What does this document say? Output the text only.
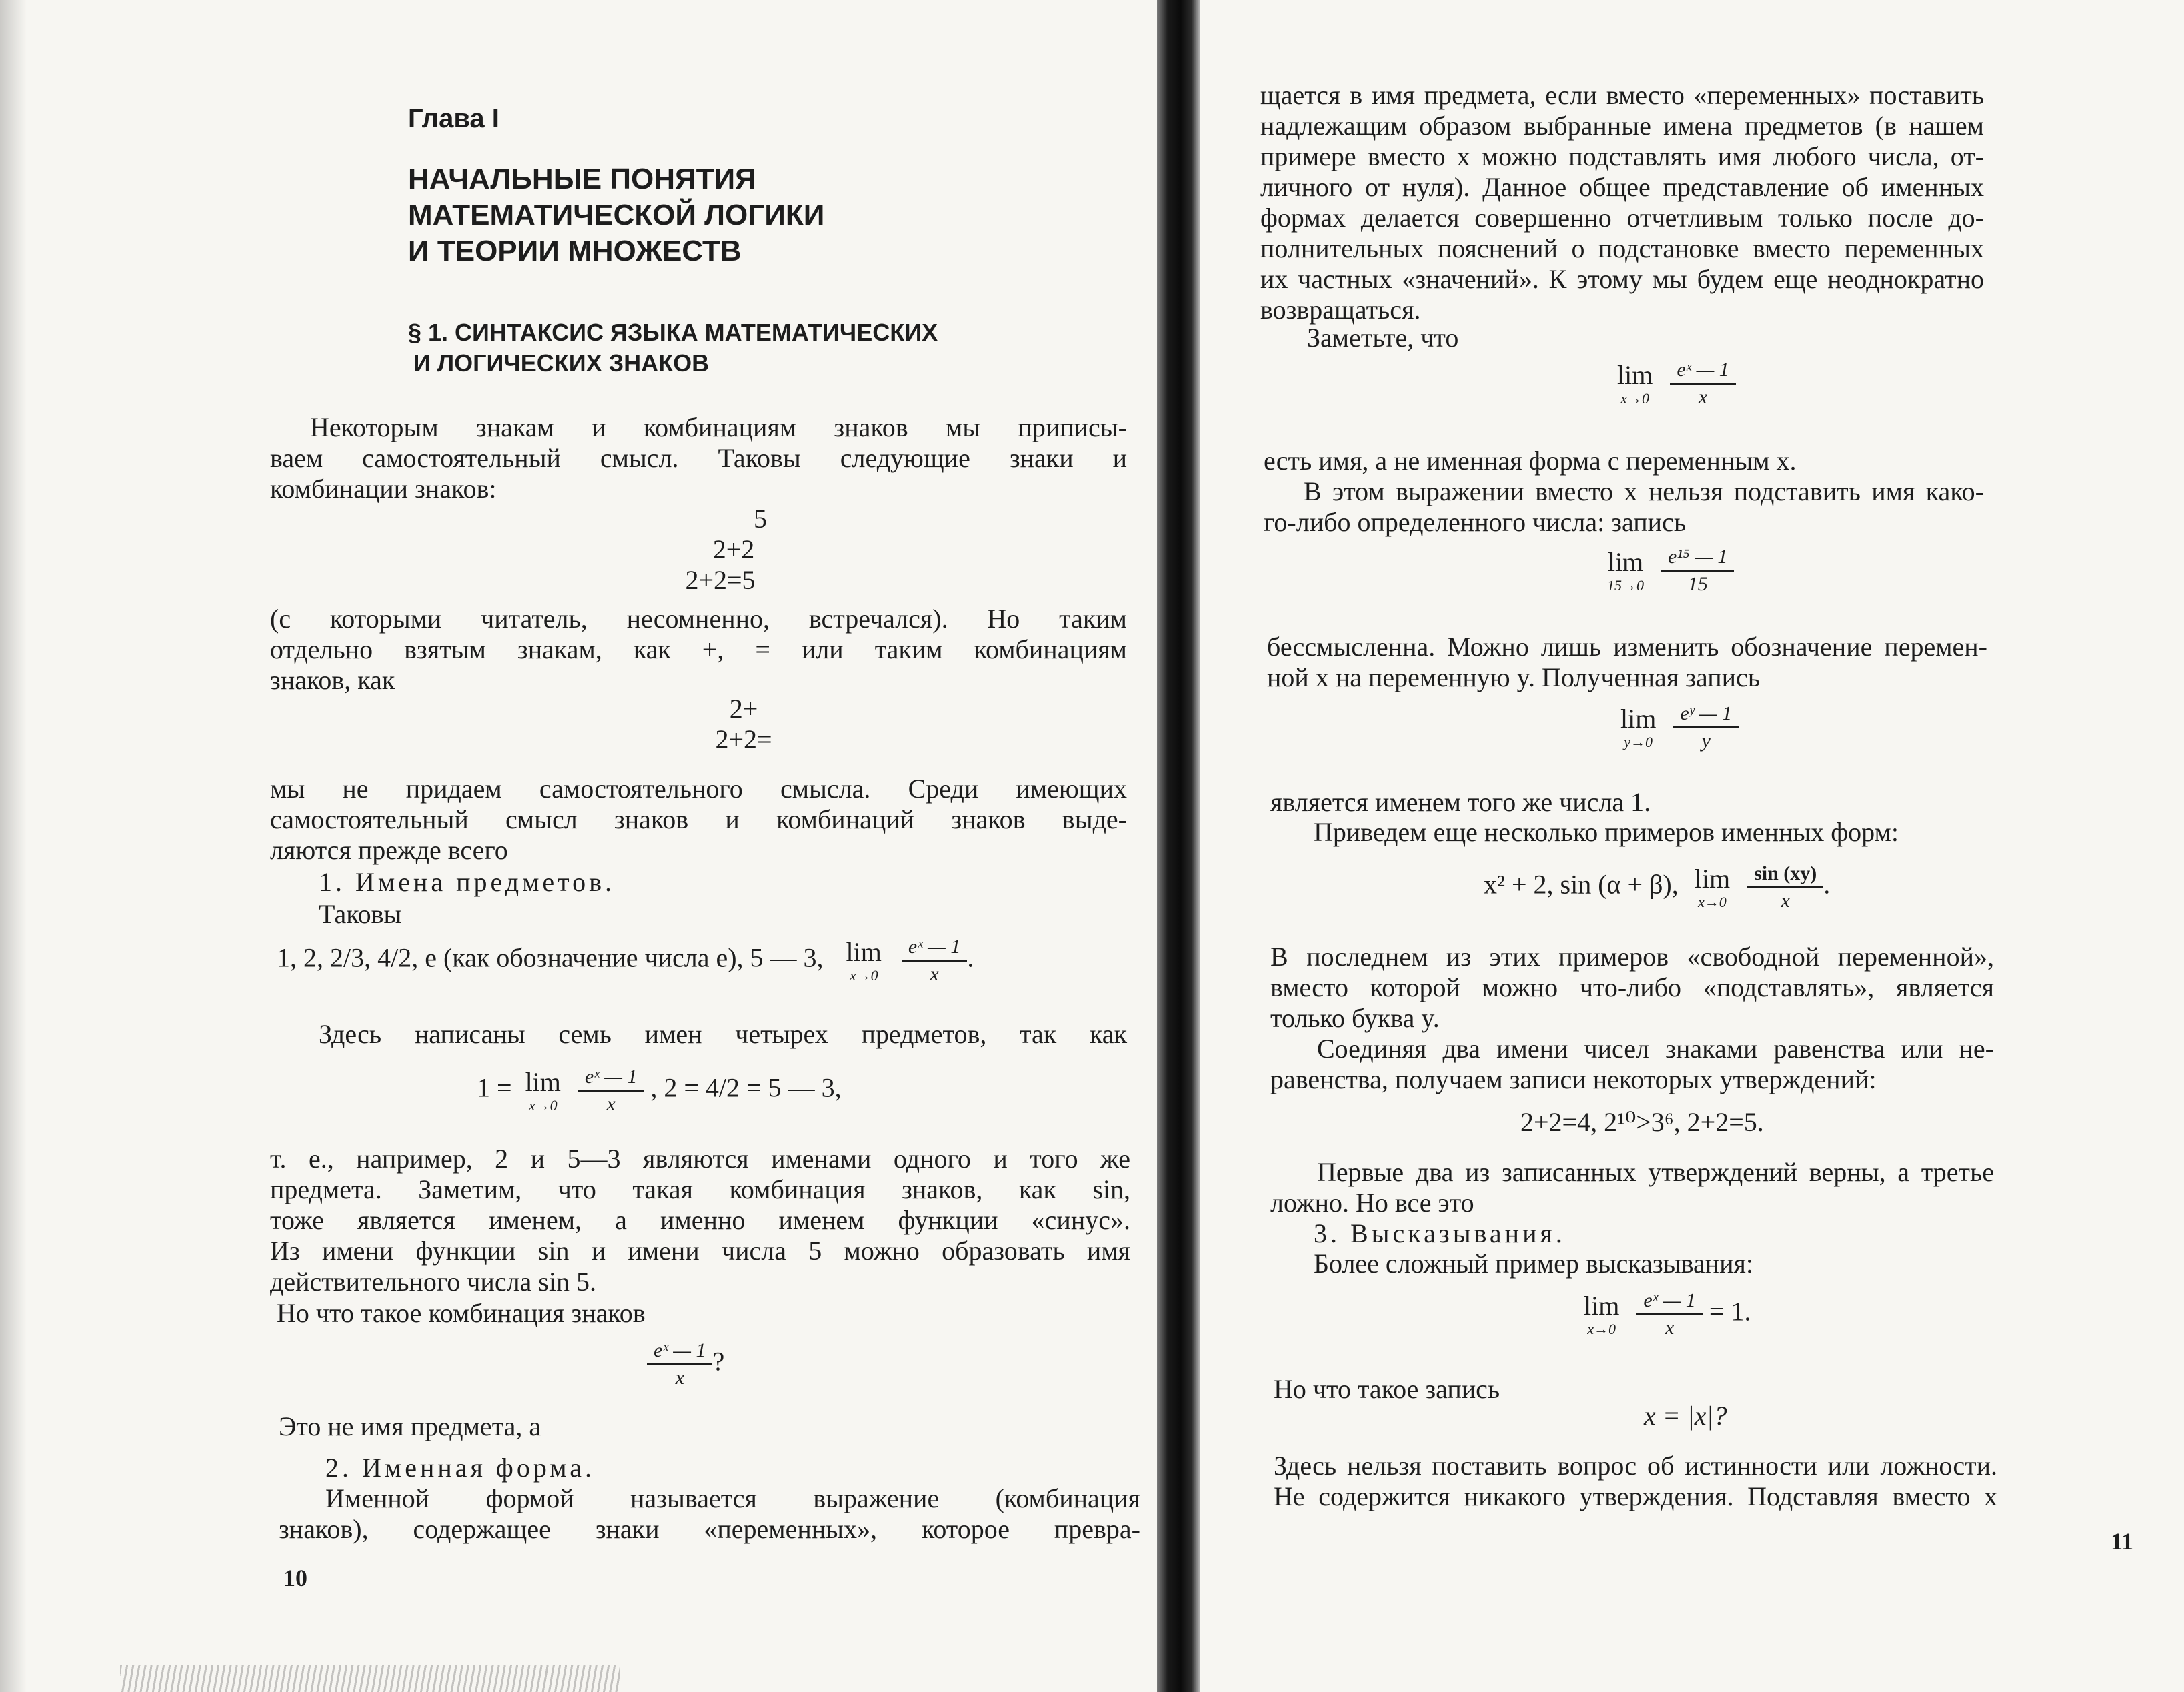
Глава I
НАЧАЛЬНЫЕ ПОНЯТИЯ
МАТЕМАТИЧЕСКОЙ ЛОГИКИ
И ТЕОРИИ МНОЖЕСТВ
§ 1. СИНТАКСИС ЯЗЫКА МАТЕМАТИЧЕСКИХ
И ЛОГИЧЕСКИХ ЗНАКОВ
Некоторым знакам и комбинациям знаков мы приписы-
ваем самостоятельный смысл. Таковы следующие знаки и
комбинации знаков:
5
2+2
2+2=5
(с которыми читатель, несомненно, встречался). Но таким
отдельно взятым знакам, как +, = или таким комбинациям
знаков, как
2+
2+2=
мы не придаем самостоятельного смысла. Среди имеющих
самостоятельный смысл знаков и комбинаций знаков выде-
ляются прежде всего
1. Имена предметов.
Таковы
1, 2, 2/3, 4/2, e (как обозначение числа e), 5 — 3, lim
x→0
$\frac{\text{eˣ — 1}}{x}$ .
Здесь написаны семь имен четырех предметов, так как
1 = lim
x→0
$\frac{\text{eˣ — 1}}{x}$ , 2 = 4/2 = 5 — 3,
т. е., например, 2 и 5—3 являются именами одного и того же
предмета. Заметим, что такая комбинация знаков, как sin,
тоже является именем, а именно именем функции «синус».
Из имени функции sin и имени числа 5 можно образовать имя
действительного числа sin 5.
Но что такое комбинация знаков
$\frac{\text{eˣ — 1}}{x}$ ?
Это не имя предмета, а
2. Именная форма.
Именной формой называется выражение (комбинация
знаков), содержащее знаки «переменных», которое превра-
10
щается в имя предмета, если вместо «переменных» поставить
надлежащим образом выбранные имена предметов (в нашем
примере вместо x можно подставлять имя любого числа, от-
личного от нуля). Данное общее представление об именных
формах делается совершенно отчетливым только после до-
полнительных пояснений о подстановке вместо переменных
их частных «значений». К этому мы будем еще неоднократно
возвращаться.
Заметьте, что
lim
x→0
$\frac{\text{eˣ — 1}}{x}$
есть имя, а не именная форма с переменным x.
В этом выражении вместо x нельзя подставить имя како-
го-либо определенного числа: запись
lim
15→0
$\frac{\text{e¹⁵ — 1}}{15}$
бессмысленна. Можно лишь изменить обозначение перемен-
ной x на переменную y. Полученная запись
lim
y→0
$\frac{\text{eʸ — 1}}{y}$
является именем того же числа 1.
Приведем еще несколько примеров именных форм:
x² + 2, sin (α + β), lim
x→0
$\frac{\sin (xy)}{x}$ .
В последнем из этих примеров «свободной переменной»,
вместо которой можно что-либо «подставлять», является
только буква y.
Соединяя два имени чисел знаками равенства или не-
равенства, получаем записи некоторых утверждений:
2+2=4, 2¹⁰>3⁶, 2+2=5.
Первые два из записанных утверждений верны, а третье
ложно. Но все это
3. Высказывания.
Более сложный пример высказывания:
lim
x→0
$\frac{\text{eˣ — 1}}{x} = 1$.
Но что такое запись
x = |x|?
Здесь нельзя поставить вопрос об истинности или ложности.
Не содержится никакого утверждения. Подставляя вместо x
11
